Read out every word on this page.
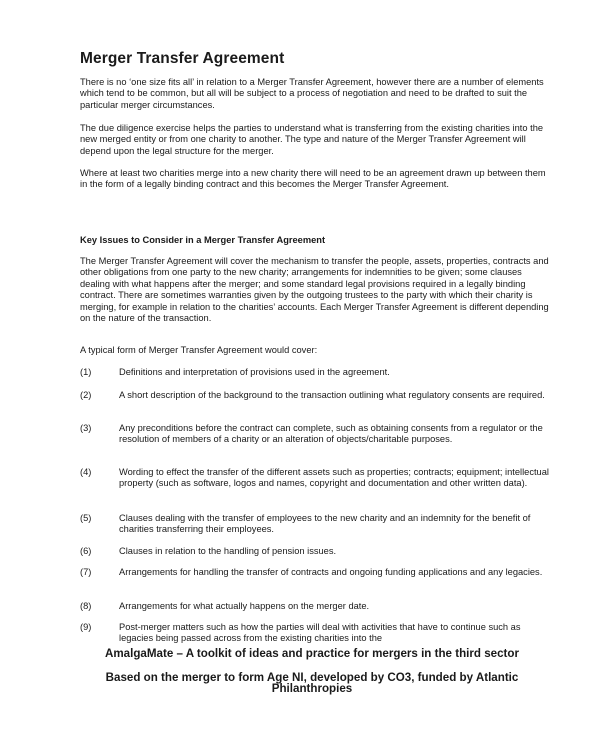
Merger Transfer Agreement

There is no ‘one size fits all’ in relation to a Merger Transfer Agreement, however there are a number of elements which tend to be common, but all will be subject to a process of negotiation and need to be drafted to suit the particular merger circumstances.

The due diligence exercise helps the parties to understand what is transferring from the existing charities into the new merged entity or from one charity to another. The type and nature of the Merger Transfer Agreement will depend upon the legal structure for the merger.

Where at least two charities merge into a new charity there will need to be an agreement drawn up between them in the form of a legally binding contract and this becomes the Merger Transfer Agreement.

Key Issues to Consider in a Merger Transfer Agreement

The Merger Transfer Agreement will cover the mechanism to transfer the people, assets, properties, contracts and other obligations from one party to the new charity; arrangements for indemnities to be given; some clauses dealing with what happens after the merger; and some standard legal provisions required in a legally binding contract. There are sometimes warranties given by the outgoing trustees to the party with which their charity is merging, for example in relation to the charities’ accounts. Each Merger Transfer Agreement is different depending on the nature of the transaction.

A typical form of Merger Transfer Agreement would cover:

(1)	Definitions and interpretation of provisions used in the agreement.
(2)	A short description of the background to the transaction outlining what regulatory consents are required.
(3)	Any preconditions before the contract can complete, such as obtaining consents from a regulator or the resolution of members of a charity or an alteration of objects/charitable purposes.
(4)	Wording to effect the transfer of the different assets such as properties; contracts; equipment; intellectual property (such as software, logos and names, copyright and documentation and other written data).
(5)	Clauses dealing with the transfer of employees to the new charity and an indemnity for the benefit of charities transferring their employees.
(6)	Clauses in relation to the handling of pension issues.
(7)	Arrangements for handling the transfer of contracts and ongoing funding applications and any legacies.
(8)	Arrangements for what actually happens on the merger date.
(9)	Post-merger matters such as how the parties will deal with activities that have to continue such as legacies being passed across from the existing charities into the
AmalgaMate – A toolkit of ideas and practice for mergers in the third sector
Based on the merger to form Age NI, developed by CO3, funded by Atlantic Philanthropies
